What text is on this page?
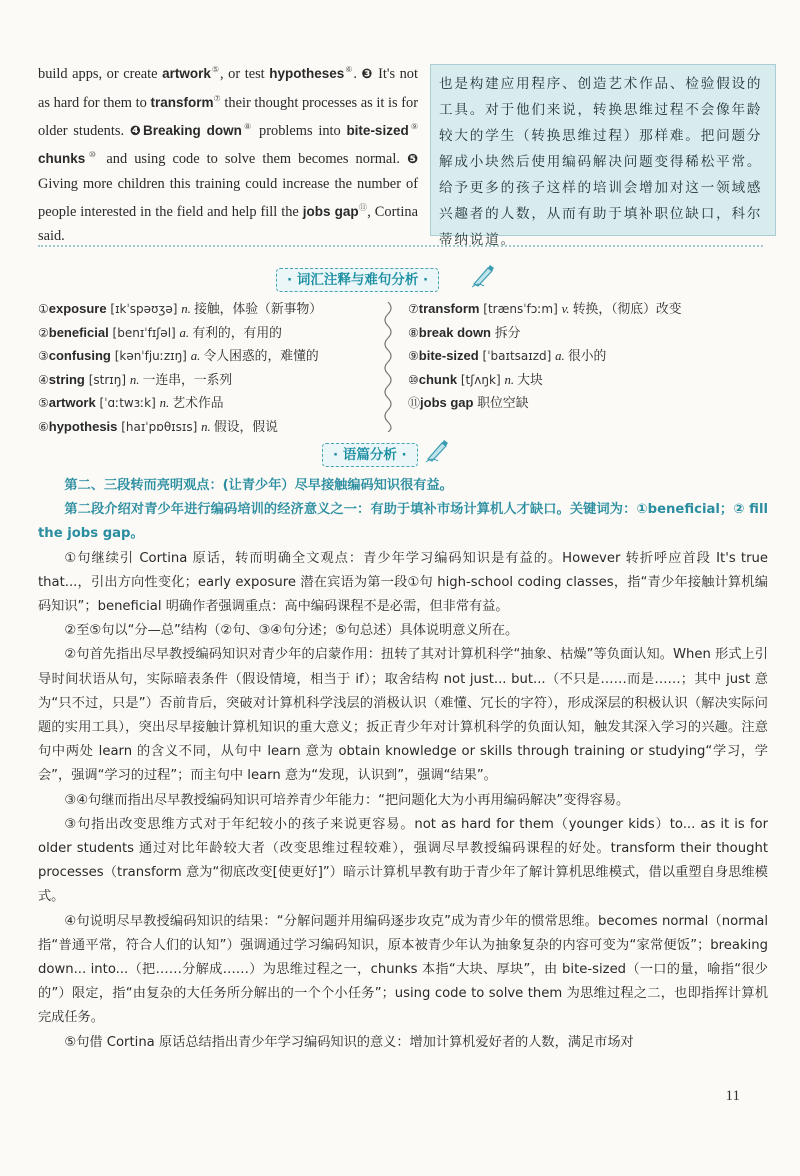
build apps, or create artwork⑤, or test hypotheses⑥. ❸ It's not as hard for them to transform⑦ their thought processes as it is for older students. ❹Breaking down⑧ problems into bite-sized⑨ chunks⑩ and using code to solve them becomes normal. ❺ Giving more children this training could increase the number of people interested in the field and help fill the jobs gap⑪, Cortina said.
也是构建应用程序、创造艺术作品、检验假设的工具。对于他们来说，转换思维过程不会像年龄较大的学生（转换思维过程）那样难。把问题分解成小块然后使用编码解决问题变得稀松平常。给予更多的孩子这样的培训会增加对这一领域感兴趣者的人数，从而有助于填补职位缺口，科尔蒂纳说道。
· 词汇注释与难句分析 ·
①exposure [ɪkˈspəʊʒə] n. 接触，体验（新事物）
②beneficial [benɪˈfɪʃəl] a. 有利的，有用的
③confusing [kənˈfjuːzɪŋ] a. 令人困惑的，难懂的
④string [strɪŋ] n. 一连串，一系列
⑤artwork [ˈɑːtwɜːk] n. 艺术作品
⑥hypothesis [haɪˈpɒθɪsɪs] n. 假设，假说
⑦transform [trænsˈfɔːm] v. 转换，（彻底）改变
⑧break down 拆分
⑨bite-sized [ˈbaɪtsaɪzd] a. 很小的
⑩chunk [tʃʌŋk] n. 大块
⑪jobs gap 职位空缺
· 语篇分析 ·

第二、三段转而亮明观点：(让青少年）尽早接触编码知识很有益。

第二段介绍对青少年进行编码培训的经济意义之一：有助于填补市场计算机人才缺口。关键词为：①beneficial；② fill the jobs gap。

①句继续引 Cortina 原话，转而明确全文观点：青少年学习编码知识是有益的。However 转折呼应首段 It's true that...，引出方向性变化；early exposure 潜在宾语为第一段①句 high-school coding classes，指“青少年接触计算机编码知识”；beneficial 明确作者强调重点：高中编码课程不是必需，但非常有益。

②至⑤句以“分—总”结构（②句、③④句分述；⑤句总述）具体说明意义所在。

②句首先指出尽早教授编码知识对青少年的启蒙作用：扭转了其对计算机科学“抽象、枯燥”等负面认知。When 形式上引导时间状语从句，实际暗表条件（假设情境，相当于 if）；取舍结构 not just... but...（不只是……而是……；其中 just 意为“只不过，只是”）否前肯后，突破对计算机科学浅层的消极认识（难懂、冗长的字符），形成深层的积极认识（解决实际问题的实用工具），突出尽早接触计算机知识的重大意义；扳正青少年对计算机科学的负面认知，触发其深入学习的兴趣。注意句中两处 learn 的含义不同，从句中 learn 意为 obtain knowledge or skills through training or studying“学习，学会”，强调“学习的过程”；而主句中 learn 意为“发现，认识到”，强调“结果”。

③④句继而指出尽早教授编码知识可培养青少年能力：“把问题化大为小再用编码解决”变得容易。

③句指出改变思维方式对于年纪较小的孩子来说更容易。not as hard for them（younger kids）to... as it is for older students 通过对比年龄较大者（改变思维过程较难），强调尽早教授编码课程的好处。transform their thought processes（transform 意为“彻底改变[使更好]”）暗示计算机早教有助于青少年了解计算机思维模式，借以重塑自身思维模式。

④句说明尽早教授编码知识的结果：“分解问题并用编码逐步攻克”成为青少年的惯常思维。becomes normal（normal 指“普通平常，符合人们的认知”）强调通过学习编码知识，原本被青少年认为抽象复杂的内容可变为“家常便饭”；breaking down... into...（把……分解成……）为思维过程之一，chunks 本指“大块、厚块”，由 bite-sized（一口的量，喻指“很少的”）限定，指“由复杂的大任务所分解出的一个个小任务”；using code to solve them 为思维过程之二，也即指挥计算机完成任务。

⑤句借 Cortina 原话总结指出青少年学习编码知识的意义：增加计算机爱好者的人数，满足市场对

11
